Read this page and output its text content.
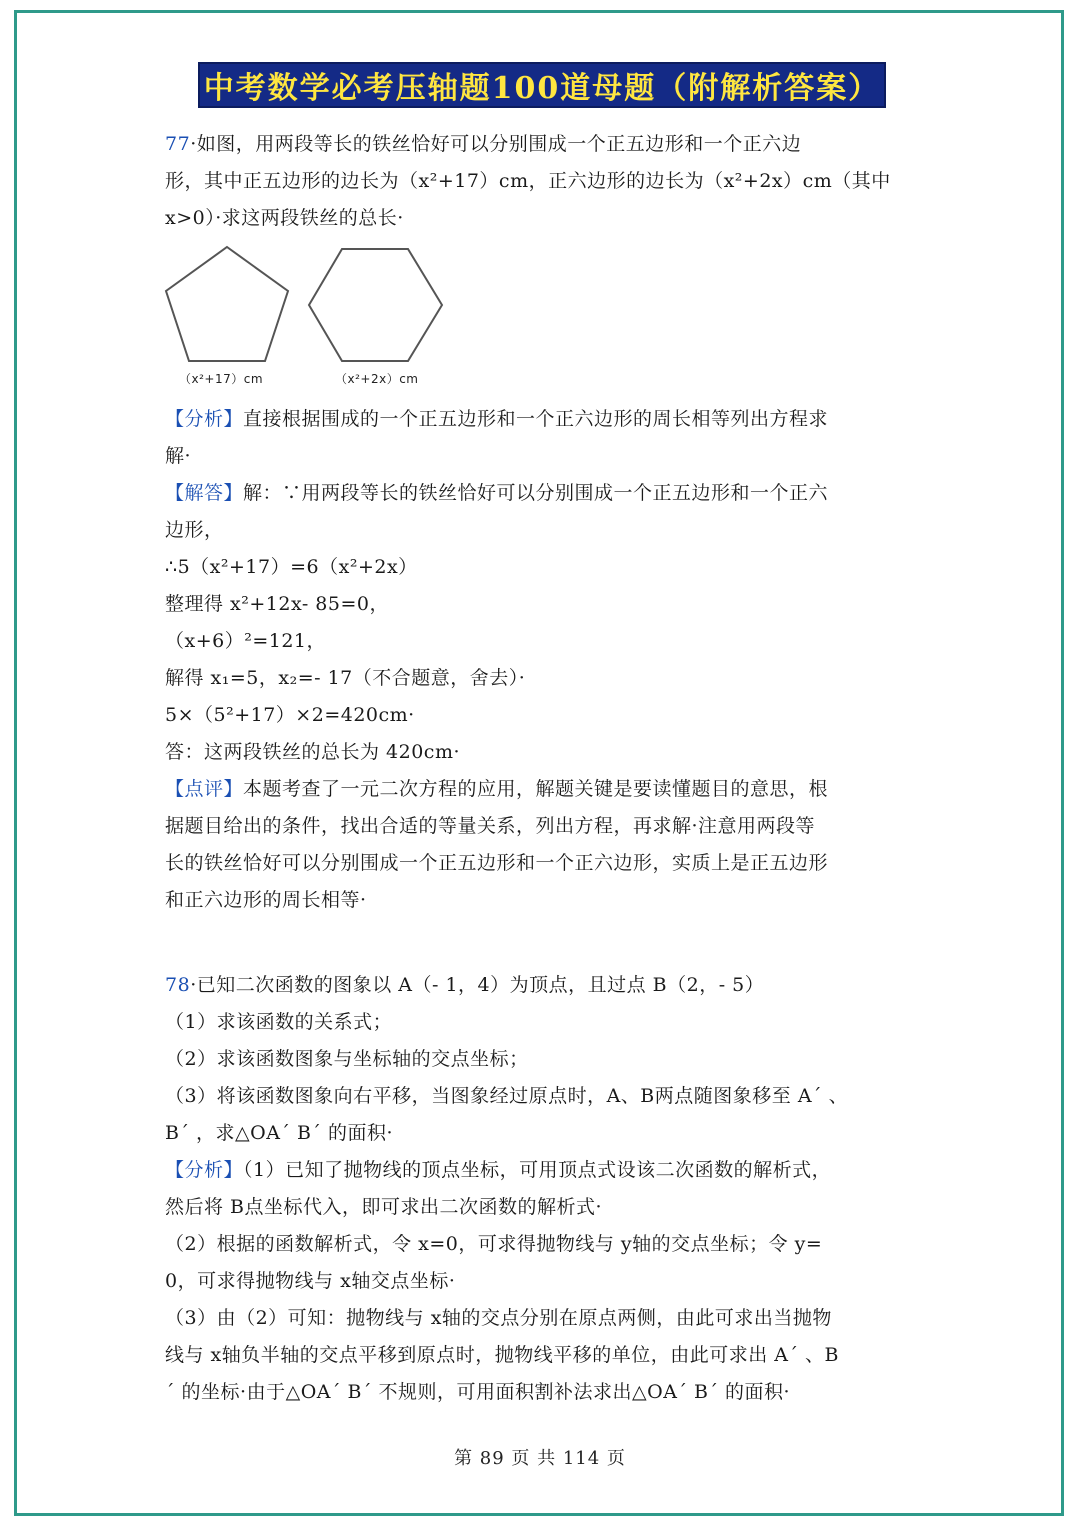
中考数学必考压轴题100道母题（附解析答案）
77·如图，用两段等长的铁丝恰好可以分别围成一个正五边形和一个正六边
形，其中正五边形的边长为（x²+17）cm，正六边形的边长为（x²+2x）cm（其中
x>0）·求这两段铁丝的总长·
（x²+17）cm	（x²+2x）cm
【分析】直接根据围成的一个正五边形和一个正六边形的周长相等列出方程求
解·
【解答】解：∵用两段等长的铁丝恰好可以分别围成一个正五边形和一个正六
边形，
∴5（x²+17）=6（x²+2x）
整理得 x²+12x- 85=0，
（x+6）²=121，
解得 x₁=5，x₂=- 17（不合题意，舍去）·
5×（5²+17）×2=420cm·
答：这两段铁丝的总长为 420cm·
【点评】本题考查了一元二次方程的应用，解题关键是要读懂题目的意思，根
据题目给出的条件，找出合适的等量关系，列出方程，再求解·注意用两段等
长的铁丝恰好可以分别围成一个正五边形和一个正六边形，实质上是正五边形
和正六边形的周长相等·
78·已知二次函数的图象以 A（- 1，4）为顶点，且过点 B（2，- 5）
（1）求该函数的关系式；
（2）求该函数图象与坐标轴的交点坐标；
（3）将该函数图象向右平移，当图象经过原点时，A、B两点随图象移至 A´ 、
B´ ，求△OA´ B´ 的面积·
【分析】（1）已知了抛物线的顶点坐标，可用顶点式设该二次函数的解析式，
然后将 B点坐标代入，即可求出二次函数的解析式·
（2）根据的函数解析式，令 x=0，可求得抛物线与 y轴的交点坐标；令 y=
0，可求得抛物线与 x轴交点坐标·
（3）由（2）可知：抛物线与 x轴的交点分别在原点两侧，由此可求出当抛物
线与 x轴负半轴的交点平移到原点时，抛物线平移的单位，由此可求出 A´ 、B
´ 的坐标·由于△OA´ B´ 不规则，可用面积割补法求出△OA´ B´ 的面积·
第 89 页 共 114 页
